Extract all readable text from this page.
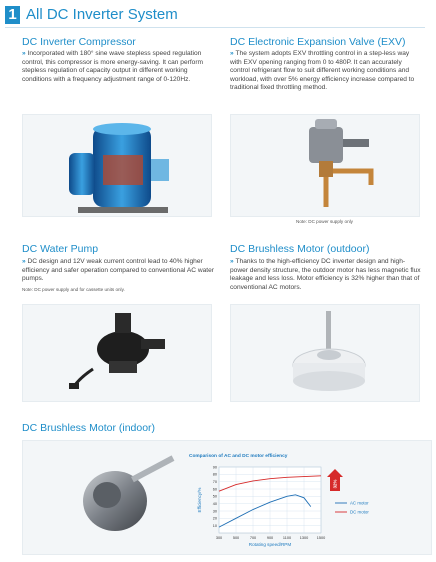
1 All DC Inverter System
DC Inverter Compressor
» Incorporated with 180° sine wave stepless speed regulation control, this compressor is more energy-saving. It can perform stepless regulation of capacity output in different working conditions with a frequency adjustment range of 0-120Hz.
DC Electronic Expansion Valve (EXV)
» The system adopts EXV throttling control in a step-less way with EXV opening ranging from 0 to 480P. It can accurately control refrigerant flow to suit different working conditions and workload, with over 5% energy efficiency increase compared to traditional fixed throttling method.
Note: DC power supply only
DC Water Pump
» DC design and 12V weak current control lead to 40% higher efficiency and safer operation compared to conventional AC water pumps.
Note: DC power supply and for cassette units only.
DC Brushless Motor (outdoor)
» Thanks to the high-efficiency DC inverter design and high-power density structure, the outdoor motor has less magnetic flux leakage and less loss. Motor efficiency is 32% higher than that of conventional AC motors.
DC Brushless Motor (indoor)
Comparison of AC and DC motor efficiency
10
20
30
40
50
60
70
80
90
300	500	700	900	1100 1300 1500
Rotating speed/RPM
Efficiency/%	AC motor
DC motor
32%
